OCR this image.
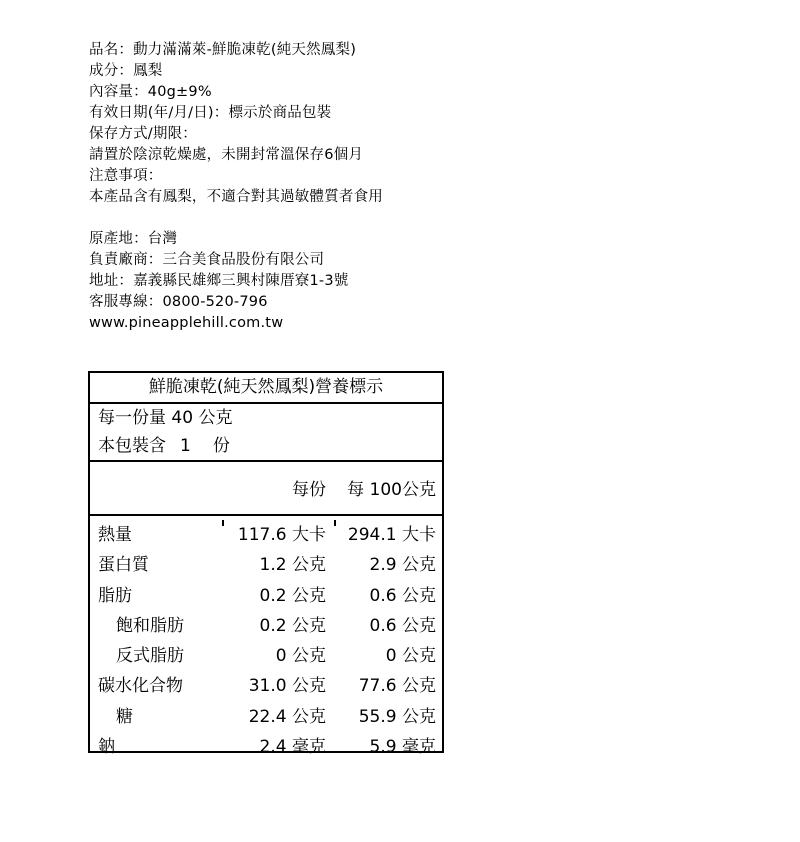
品名：動力滿滿萊-鮮脆凍乾(純天然鳳梨)
成分：鳳梨
內容量：40g±9%
有效日期(年/月/日)：標示於商品包裝
保存方式/期限：
請置於陰涼乾燥處，未開封常溫保存6個月
注意事項：
本產品含有鳳梨，不適合對其過敏體質者食用
原產地：台灣
負責廠商：三合美食品股份有限公司
地址：嘉義縣民雄鄉三興村陳厝寮1-3號
客服專線：0800-520-796
www.pineapplehill.com.tw
鮮脆凍乾(純天然鳳梨)營養標示
每一份量 40 公克
本包裝含 1 份
每份 每 100公克
熱量	117.6 大卡 294.1 大卡
蛋白質	1.2 公克	2.9 公克
脂肪	0.2 公克	0.6 公克
飽和脂肪	0.2 公克	0.6 公克
反式脂肪	0 公克	0 公克
碳水化合物	31.0 公克 77.6 公克
糖	22.4 公克 55.9 公克
鈉	2.4 毫克	5.9 毫克
